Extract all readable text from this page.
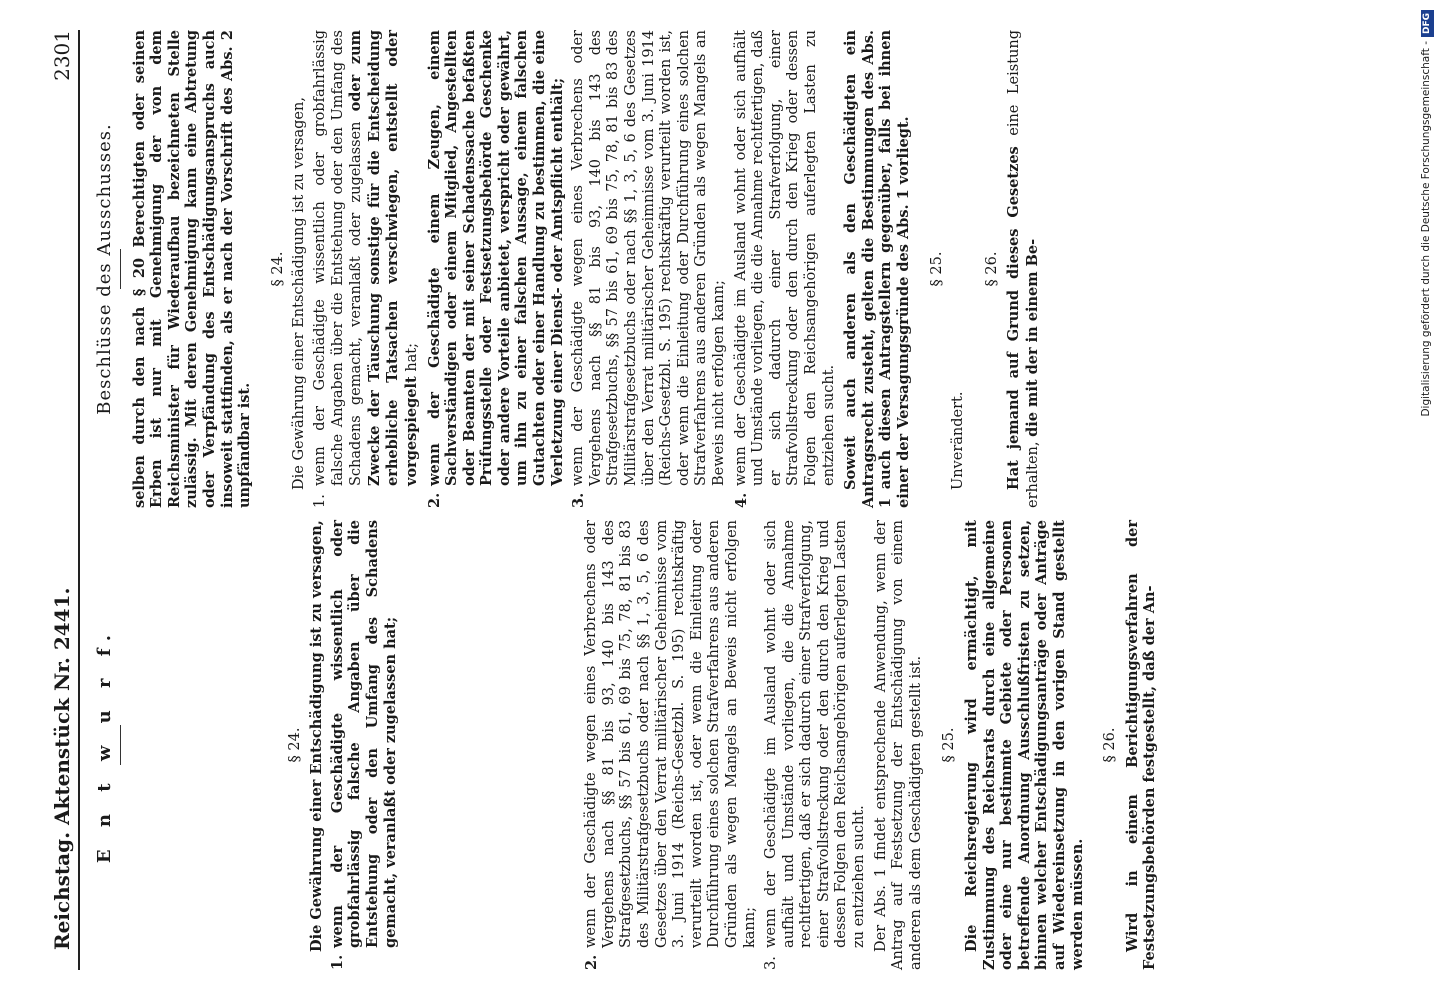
Reichstag. Aktenstück Nr. 2441.
2301
E n t w u r f.	§ 24. Die Gewährung einer Entschädigung ist zu versagen,

1.
wenn der Geschädigte wissentlich oder grobfahrlässig falsche Angaben über die Entstehung oder den Umfang des Schadens gemacht, veranlaßt oder zugelassen hat;
2.
wenn der Geschädigte wegen eines Verbrechens oder Vergehens nach §§ 81 bis 93, 140 bis 143 des Strafgesetzbuchs, §§ 57 bis 61, 69 bis 75, 78, 81 bis 83 des Militärstrafgesetzbuchs oder nach §§ 1, 3, 5, 6 des Gesetzes über den Verrat militärischer Geheimnisse vom 3. Juni 1914 (Reichs-Gesetzbl. S. 195) rechtskräftig verurteilt worden ist, oder wenn die Einleitung oder Durchführung eines solchen Strafverfahrens aus anderen Gründen als wegen Mangels an Beweis nicht erfolgen kann;
3.
wenn der Geschädigte im Ausland wohnt oder sich aufhält und Umstände vorliegen, die die Annahme rechtfertigen, daß er sich dadurch einer Strafverfolgung, einer Strafvollstreckung oder den durch den Krieg und dessen Folgen den Reichsangehörigen auferlegten Lasten zu entziehen sucht. Der Abs. 1 findet entsprechende Anwendung, wenn der Antrag auf Festsetzung der Entschädigung von einem anderen als dem Geschädigten gestellt ist. § 25. Die Reichsregierung wird ermächtigt, mit Zustimmung des Reichsrats durch eine allgemeine oder eine nur bestimmte Gebiete oder Personen betreffende Anordnung Ausschlußfristen zu setzen, binnen welcher Entschädigungsanträge oder Anträge auf Wiedereinsetzung in den vorigen Stand gestellt werden müssen.

§ 26. Wird in einem Berichtigungsverfahren der Festsetzungsbehörden festgestellt, daß der An-

Beschlüsse des Ausschusses. selben durch den nach § 20 Berechtigten oder seinen Erben ist nur mit Genehmigung der von dem Reichsminister für Wiederaufbau bezeichneten Stelle zulässig. Mit deren Genehmigung kann eine Abtretung oder Verpfändung des Entschädigungsanspruchs auch insoweit stattfinden, als er nach der Vorschrift des Abs. 2 unpfändbar ist.

§ 24. Die Gewährung einer Entschädigung ist zu versagen,

1.
wenn der Geschädigte wissentlich oder grobfahrlässig falsche Angaben über die Entstehung oder den Umfang des Schadens gemacht, veranlaßt oder zugelassen oder zum Zwecke der Täuschung sonstige für die Entscheidung erhebliche Tatsachen verschwiegen, entstellt oder vorgespiegelt hat;
2.
wenn der Geschädigte einem Zeugen, einem Sachverständigen oder einem Mitglied, Angestellten oder Beamten der mit seiner Schadenssache befaßten Prüfungsstelle oder Festsetzungsbehörde Geschenke oder andere Vorteile anbietet, verspricht oder gewährt, um ihn zu einer falschen Aussage, einem falschen Gutachten oder einer Handlung zu bestimmen, die eine Verletzung einer Dienst- oder Amtspflicht enthält;
3.
wenn der Geschädigte wegen eines Verbrechens oder Vergehens nach §§ 81 bis 93, 140 bis 143 des Strafgesetzbuchs, §§ 57 bis 61, 69 bis 75, 78, 81 bis 83 des Militärstrafgesetzbuchs oder nach §§ 1, 3, 5, 6 des Gesetzes über den Verrat militärischer Geheimnisse vom 3. Juni 1914 (Reichs-Gesetzbl. S. 195) rechtskräftig verurteilt worden ist, oder wenn die Einleitung oder Durchführung eines solchen Strafverfahrens aus anderen Gründen als wegen Mangels an Beweis nicht erfolgen kann;
4.
wenn der Geschädigte im Ausland wohnt oder sich aufhält und Umstände vorliegen, die die Annahme rechtfertigen, daß er sich dadurch einer Strafverfolgung, einer Strafvollstreckung oder den durch den Krieg oder dessen Folgen den Reichsangehörigen auferlegten Lasten zu entziehen sucht. Soweit auch anderen als den Geschädigten ein Antragsrecht zusteht, gelten die Bestimmungen des Abs. 1 auch diesen Antragstellern gegenüber, falls bei ihnen einer der Versagungsgründe des Abs. 1 vorliegt. § 25.

Unverändert.

§ 26. Hat jemand auf Grund dieses Gesetzes eine Leistung erhalten, die mit der in einem Be-	Digitalisierung gefördert durch die Deutsche Forschungsgemeinschaft -DFG
